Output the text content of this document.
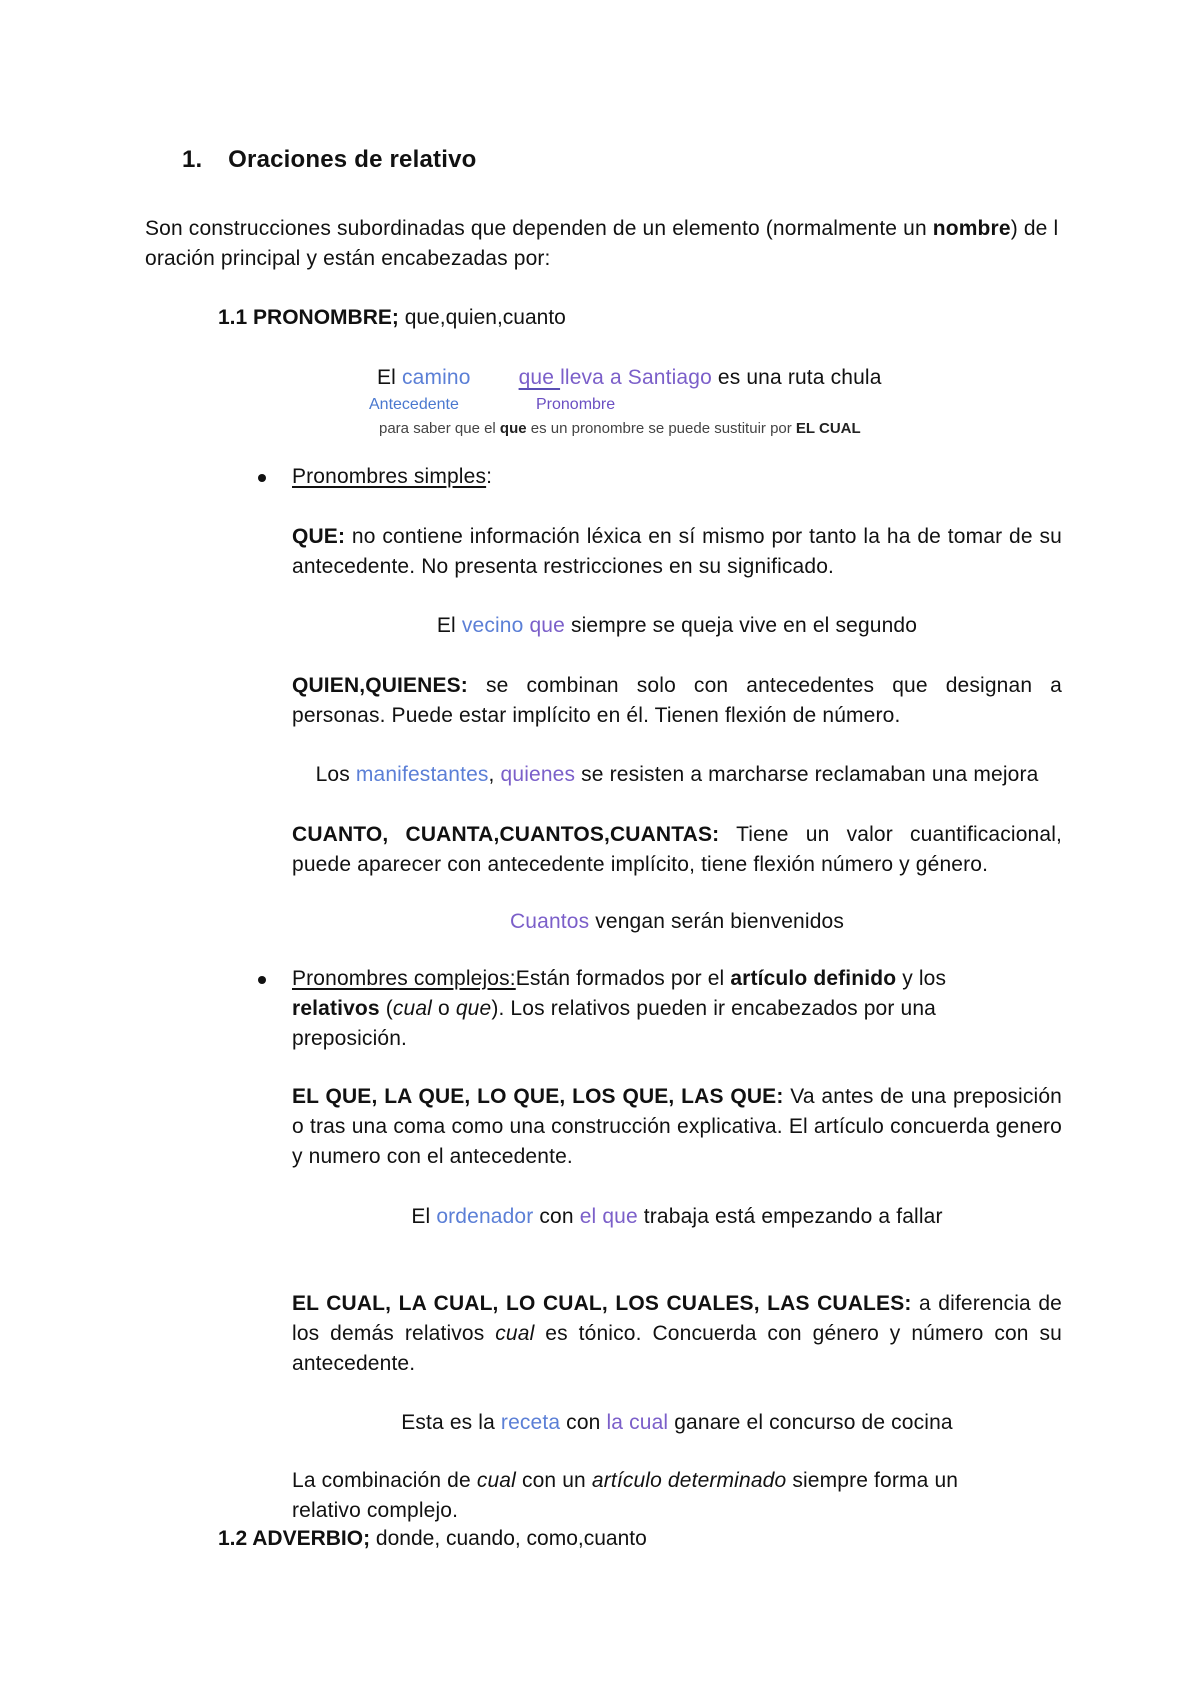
1. Oraciones de relativo
Son construcciones subordinadas que dependen de un elemento (normalmente un nombre) de l oración principal y están encabezadas por:
1.1 PRONOMBRE; que,quien,cuanto
El camino que lleva a Santiago es una ruta chula
Antecedente	Pronombre
para saber que el que es un pronombre se puede sustituir por EL CUAL
Pronombres simples:
QUE: no contiene información léxica en sí mismo por tanto la ha de tomar de su antecedente. No presenta restricciones en su significado.
El vecino que siempre se queja vive en el segundo
QUIEN,QUIENES: se combinan solo con antecedentes que designan a personas. Puede estar implícito en él. Tienen flexión de número.
Los manifestantes, quienes se resisten a marcharse reclamaban una mejora
CUANTO, CUANTA,CUANTOS,CUANTAS: Tiene un valor cuantificacional, puede aparecer con antecedente implícito, tiene flexión número y género.
Cuantos vengan serán bienvenidos
Pronombres complejos:Están formados por el artículo definido y los relativos (cual o que). Los relativos pueden ir encabezados por una preposición.
EL QUE, LA QUE, LO QUE, LOS QUE, LAS QUE: Va antes de una preposición o tras una coma como una construcción explicativa. El artículo concuerda genero y numero con el antecedente.
El ordenador con el que trabaja está empezando a fallar
EL CUAL, LA CUAL, LO CUAL, LOS CUALES, LAS CUALES: a diferencia de los demás relativos cual es tónico. Concuerda con género y número con su antecedente.
Esta es la receta con la cual ganare el concurso de cocina
La combinación de cual con un artículo determinado siempre forma un relativo complejo.
1.2 ADVERBIO; donde, cuando, como,cuanto
